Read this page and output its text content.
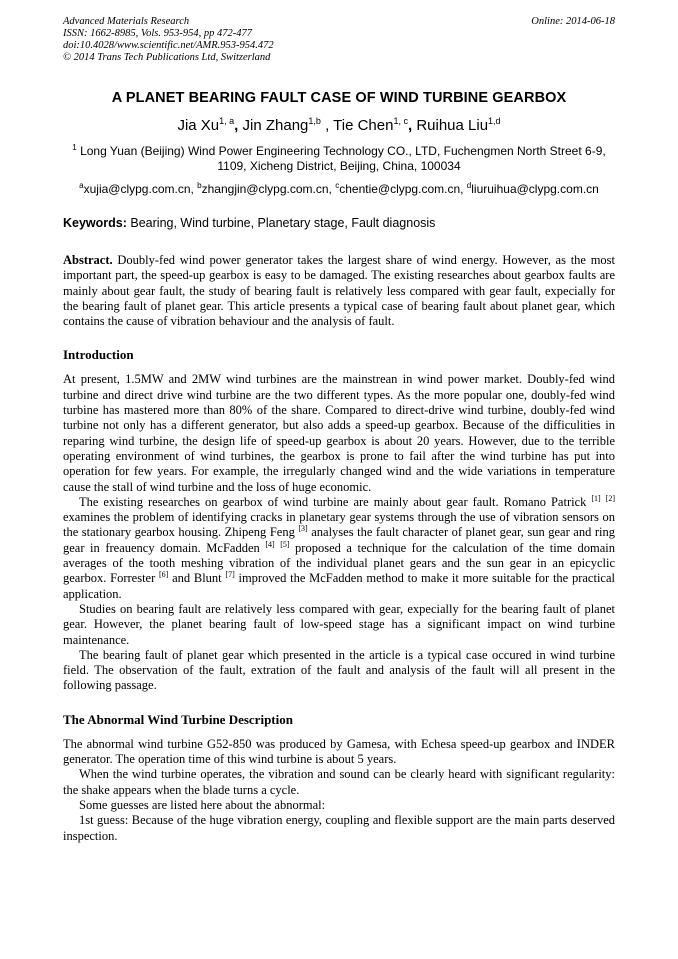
Advanced Materials Research
ISSN: 1662-8985, Vols. 953-954, pp 472-477
doi:10.4028/www.scientific.net/AMR.953-954.472
© 2014 Trans Tech Publications Ltd, Switzerland
Online: 2014-06-18
A PLANET BEARING FAULT CASE OF WIND TURBINE GEARBOX
Jia Xu$^{1, a}$, Jin Zhang$^{1,b}$ , Tie Chen$^{1, c}$, Ruihua Liu$^{1,d}$
$^1$ Long Yuan (Beijing) Wind Power Engineering Technology CO., LTD, Fuchengmen North Street 6-9, 1109, Xicheng District, Beijing, China, 100034
$^a$xujia@clypg.com.cn, $^b$zhangjin@clypg.com.cn, $^c$chentie@clypg.com.cn, $^d$liuruihua@clypg.com.cn
Keywords: Bearing, Wind turbine, Planetary stage, Fault diagnosis

Abstract. Doubly-fed wind power generator takes the largest share of wind energy. However, as the most important part, the speed-up gearbox is easy to be damaged. The existing researches about gearbox faults are mainly about gear fault, the study of bearing fault is relatively less compared with gear fault, expecially for the bearing fault of planet gear. This article presents a typical case of bearing fault about planet gear, which contains the cause of vibration behaviour and the analysis of fault.

Introduction

At present, 1.5MW and 2MW wind turbines are the mainstrean in wind power market. Doubly-fed wind turbine and direct drive wind turbine are the two different types. As the more popular one, doubly-fed wind turbine has mastered more than 80% of the share. Compared to direct-drive wind turbine, doubly-fed wind turbine not only has a different generator, but also adds a speed-up gearbox. Because of the difficulities in reparing wind turbine, the design life of speed-up gearbox is about 20 years. However, due to the terrible operating environment of wind turbines, the gearbox is prone to fail after the wind turbine has put into operation for few years. For example, the irregularly changed wind and the wide variations in temperature cause the stall of wind turbine and the loss of huge economic.

The existing researches on gearbox of wind turbine are mainly about gear fault. Romano Patrick [1] [2] examines the problem of identifying cracks in planetary gear systems through the use of vibration sensors on the stationary gearbox housing. Zhipeng Feng [3] analyses the fault character of planet gear, sun gear and ring gear in freauency domain. McFadden [4] [5] proposed a technique for the calculation of the time domain averages of the tooth meshing vibration of the individual planet gears and the sun gear in an epicyclic gearbox. Forrester [6] and Blunt [7] improved the McFadden method to make it more suitable for the practical application.

Studies on bearing fault are relatively less compared with gear, expecially for the bearing fault of planet gear. However, the planet bearing fault of low-speed stage has a significant impact on wind turbine maintenance.

The bearing fault of planet gear which presented in the article is a typical case occured in wind turbine field. The observation of the fault, extration of the fault and analysis of the fault will all present in the following passage.

The Abnormal Wind Turbine Description

The abnormal wind turbine G52-850 was produced by Gamesa, with Echesa speed-up gearbox and INDER generator. The operation time of this wind turbine is about 5 years.

When the wind turbine operates, the vibration and sound can be clearly heard with significant regularity: the shake appears when the blade turns a cycle.

Some guesses are listed here about the abnormal:

1st guess: Because of the huge vibration energy, coupling and flexible support are the main parts deserved inspection.
